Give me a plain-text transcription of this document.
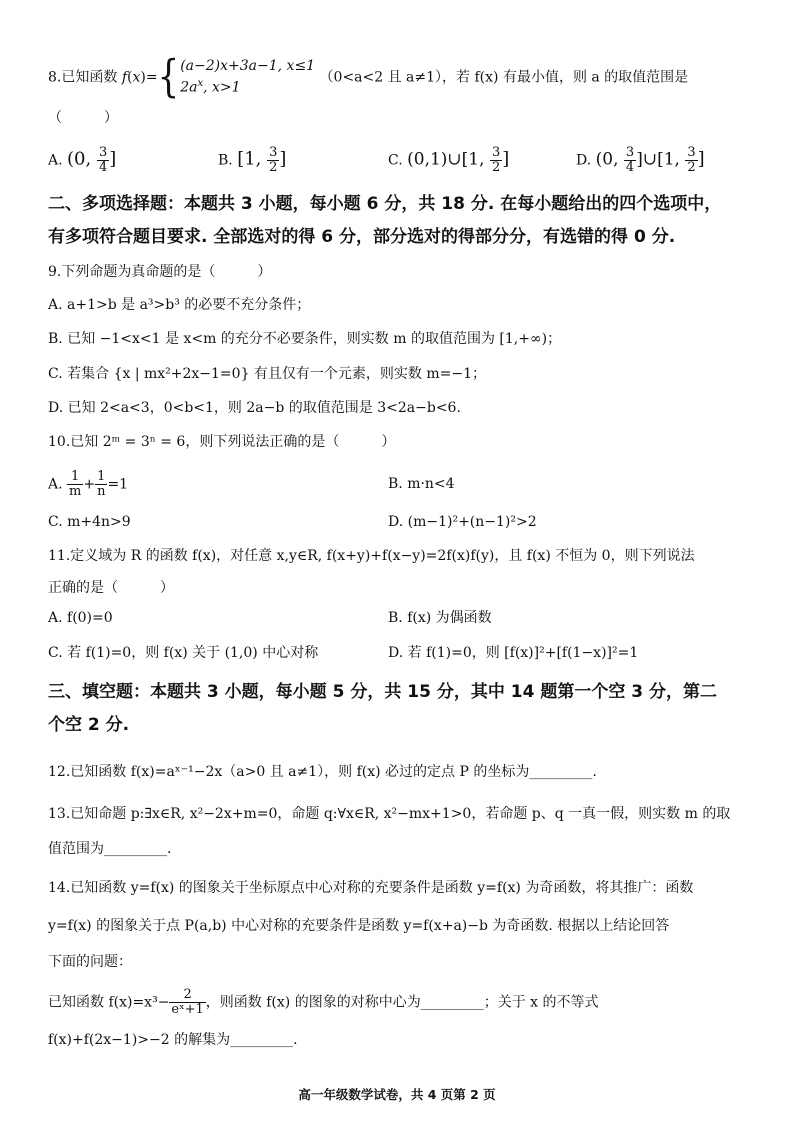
8.已知函数 f(x)={ (a−2)x+3a−1, x≤1
$2a^x$, x>1
（0<a<2 且 a≠1），若 f(x) 有最小值，则 a 的取值范围是
（　　　）
A. (0, $\frac{3}{4}$ ]	B. [1, $\frac{3}{2}$ ]	C. (0,1)∪[1, $\frac{3}{2}$ ]	D. (0, $\frac{3}{4}$ ]∪[1, $\frac{3}{2}$ ]
二、多项选择题：本题共 3 小题，每小题 6 分，共 18 分. 在每小题给出的四个选项中，
有多项符合题目要求. 全部选对的得 6 分，部分选对的得部分分，有选错的得 0 分.
9.下列命题为真命题的是（　　　）
A. a+1>b 是 a³>b³ 的必要不充分条件；
B. 已知 −1<x<1 是 x<m 的充分不必要条件，则实数 m 的取值范围为 [1,+∞)；
C. 若集合 {x | mx²+2x−1=0} 有且仅有一个元素，则实数 m=−1；
D. 已知 2<a<3，0<b<1，则 2a−b 的取值范围是 3<2a−b<6.
10.已知 2ᵐ = 3ⁿ = 6，则下列说法正确的是（　　　）
A. $\frac{1}{m} + \frac{1}{n} =1$	B. m·n<4
C. m+4n>9	D. (m−1)²+(n−1)²>2
11.定义域为 R 的函数 f(x)，对任意 x,y∈R, f(x+y)+f(x−y)=2f(x)f(y)，且 f(x) 不恒为 0，则下列说法
正确的是（　　　）
A. f(0)=0	B. f(x) 为偶函数
C. 若 f(1)=0，则 f(x) 关于 (1,0) 中心对称	D. 若 f(1)=0，则 [f(x)]²+[f(1−x)]²=1
三、填空题：本题共 3 小题，每小题 5 分，共 15 分，其中 14 题第一个空 3 分，第二
个空 2 分.
12.已知函数 f(x)=aˣ⁻¹−2x（a>0 且 a≠1），则 f(x) 必过的定点 P 的坐标为_________.
13.已知命题 p:∃x∈R, x²−2x+m=0，命题 q:∀x∈R, x²−mx+1>0，若命题 p、q 一真一假，则实数 m 的取
值范围为_________.
14.已知函数 y=f(x) 的图象关于坐标原点中心对称的充要条件是函数 y=f(x) 为奇函数，将其推广：函数
y=f(x) 的图象关于点 P(a,b) 中心对称的充要条件是函数 y=f(x+a)−b 为奇函数. 根据以上结论回答
下面的问题：
已知函数 $f(x)=x^3- \frac{2}{\text{eˣ+1}}$ ，则函数 f(x) 的图象的对称中心为_________；关于 x 的不等式
f(x)+f(2x−1)>−2 的解集为_________.
高一年级数学试卷，共 4 页第 2 页
